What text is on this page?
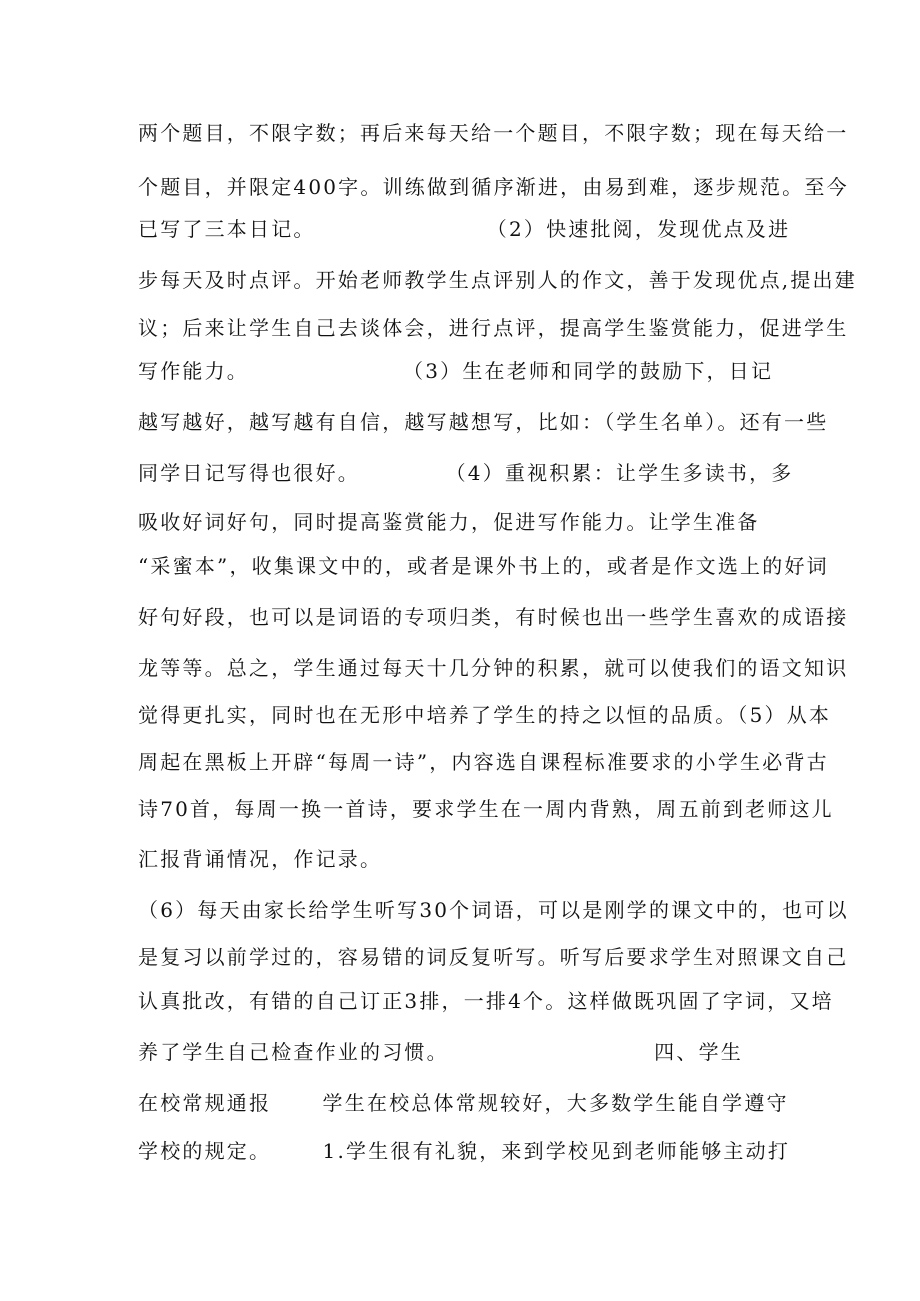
两个题目，不限字数；再后来每天给一个题目，不限字数；现在每天给一
个题目，并限定400字。训练做到循序渐进，由易到难，逐步规范。至今
已写了三本日记。                    （2）快速批阅，发现优点及进
步每天及时点评。开始老师教学生点评别人的作文，善于发现优点,提出建
议；后来让学生自己去谈体会，进行点评，提高学生鉴赏能力，促进学生
写作能力。                  （3）生在老师和同学的鼓励下，日记
越写越好，越写越有自信，越写越想写，比如：（学生名单）。还有一些
同学日记写得也很好。          （4）重视积累：让学生多读书，多
吸收好词好句，同时提高鉴赏能力，促进写作能力。让学生准备
“采蜜本”，收集课文中的，或者是课外书上的，或者是作文选上的好词
好句好段，也可以是词语的专项归类，有时候也出一些学生喜欢的成语接
龙等等。总之，学生通过每天十几分钟的积累，就可以使我们的语文知识
觉得更扎实，同时也在无形中培养了学生的持之以恒的品质。（5）从本
周起在黑板上开辟“每周一诗”，内容选自课程标准要求的小学生必背古
诗70首，每周一换一首诗，要求学生在一周内背熟，周五前到老师这儿
汇报背诵情况，作记录。
（6）每天由家长给学生听写30个词语，可以是刚学的课文中的，也可以
是复习以前学过的，容易错的词反复听写。听写后要求学生对照课文自己
认真批改，有错的自己订正3排，一排4个。这样做既巩固了字词，又培
养了学生自己检查作业的习惯。                        四、学生
在校常规通报      学生在校总体常规较好，大多数学生能自学遵守
学校的规定。      1.学生很有礼貌，来到学校见到老师能够主动打
